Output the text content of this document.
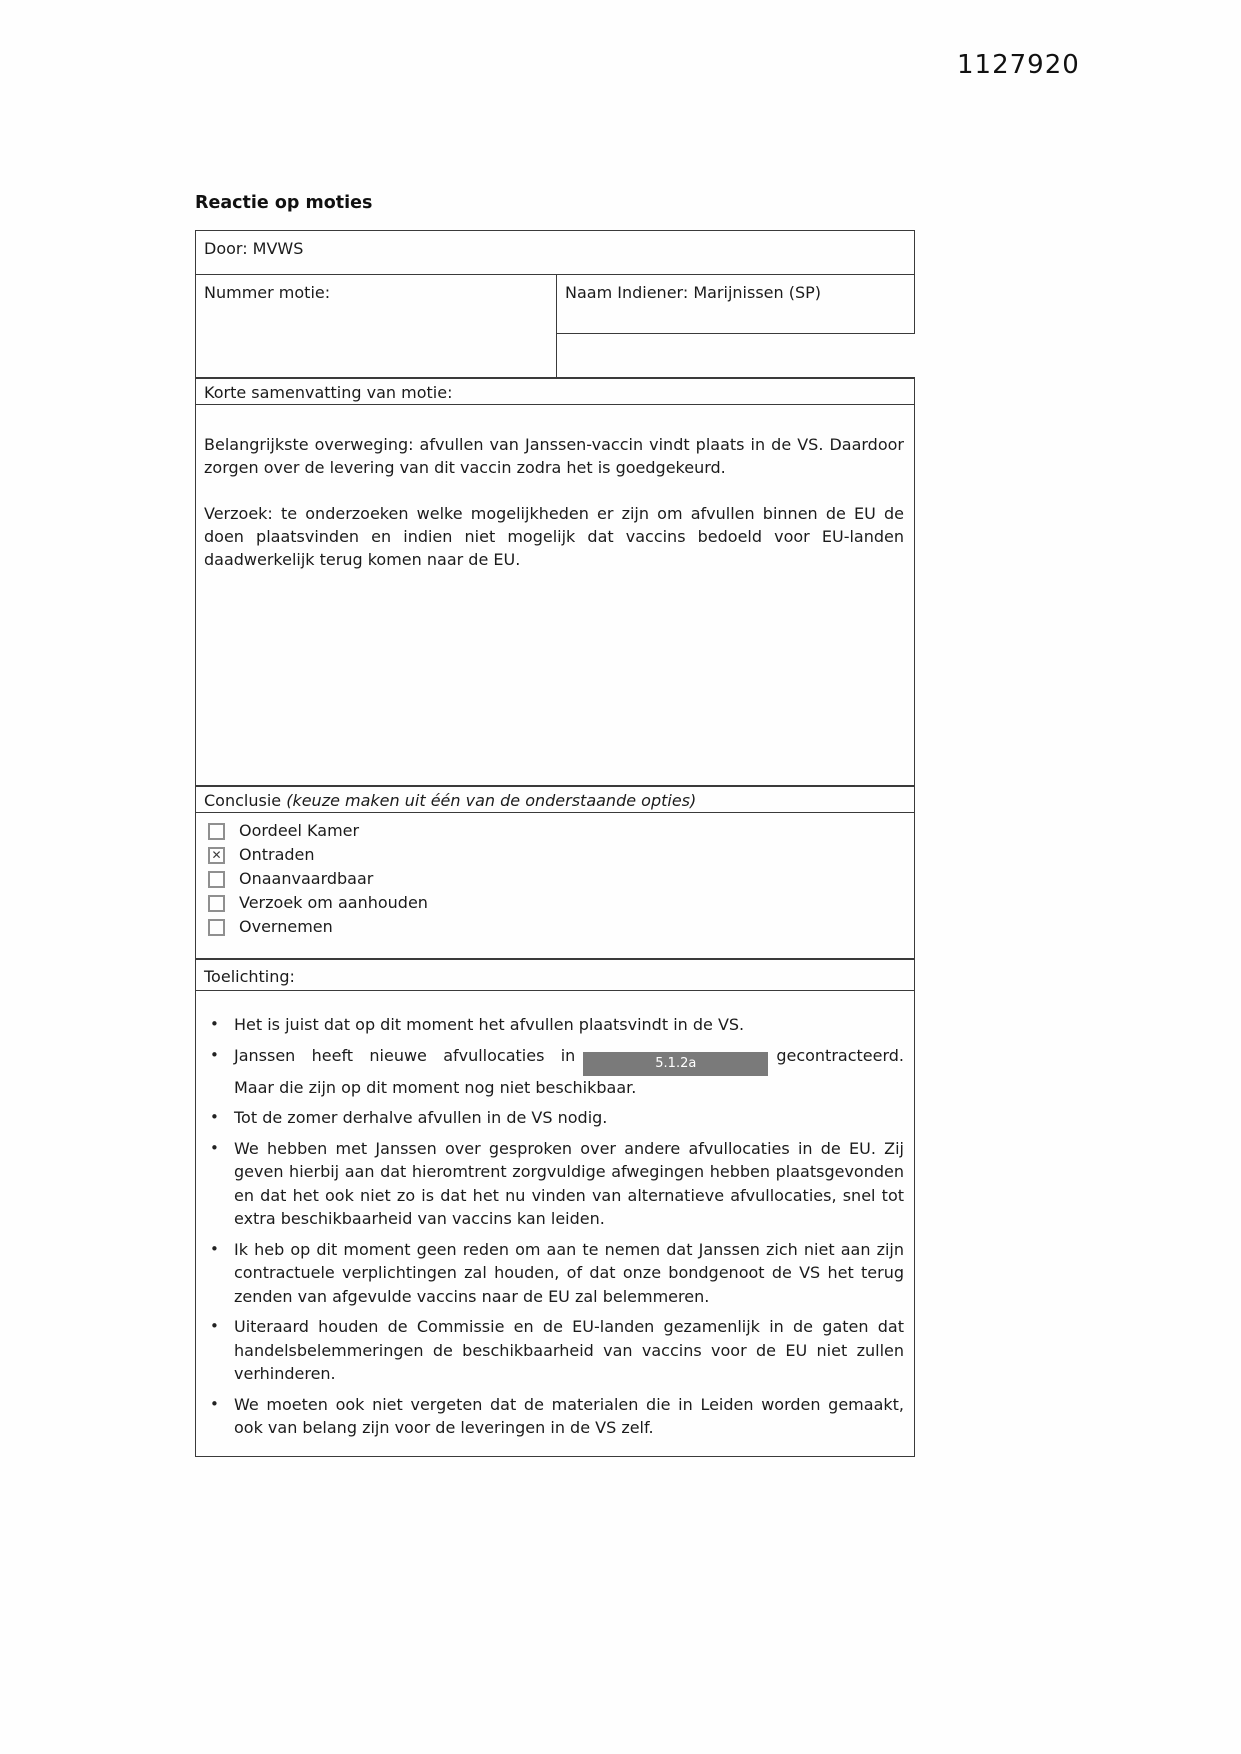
1127920
Reactie op moties
Door: MVWS
Nummer motie:	Naam Indiener: Marijnissen (SP)
Korte samenvatting van motie:

Belangrijkste overweging: afvullen van Janssen-vaccin vindt plaats in de VS. Daardoor zorgen over de levering van dit vaccin zodra het is goedgekeurd.

Verzoek: te onderzoeken welke mogelijkheden er zijn om afvullen binnen de EU de doen plaatsvinden en indien niet mogelijk dat vaccins bedoeld voor EU-landen daadwerkelijk terug komen naar de EU.

Conclusie (keuze maken uit één van de onderstaande opties)
Oordeel Kamer
✕
Ontraden
Onaanvaardbaar
Verzoek om aanhouden
Overnemen
Toelichting:
• Het is juist dat op dit moment het afvullen plaatsvindt in de VS.
• Janssen heeft nieuwe afvullocaties in	5.1.2a	gecontracteerd. Maar die zijn op dit moment nog niet beschikbaar.
• Tot de zomer derhalve afvullen in de VS nodig.
• We hebben met Janssen over gesproken over andere afvullocaties in de EU. Zij geven hierbij aan dat hieromtrent zorgvuldige afwegingen hebben plaatsgevonden en dat het ook niet zo is dat het nu vinden van alternatieve afvullocaties, snel tot extra beschikbaarheid van vaccins kan leiden.
• Ik heb op dit moment geen reden om aan te nemen dat Janssen zich niet aan zijn contractuele verplichtingen zal houden, of dat onze bondgenoot de VS het terug zenden van afgevulde vaccins naar de EU zal belemmeren.
• Uiteraard houden de Commissie en de EU-landen gezamenlijk in de gaten dat handelsbelemmeringen de beschikbaarheid van vaccins voor de EU niet zullen verhinderen.
• We moeten ook niet vergeten dat de materialen die in Leiden worden gemaakt, ook van belang zijn voor de leveringen in de VS zelf.
